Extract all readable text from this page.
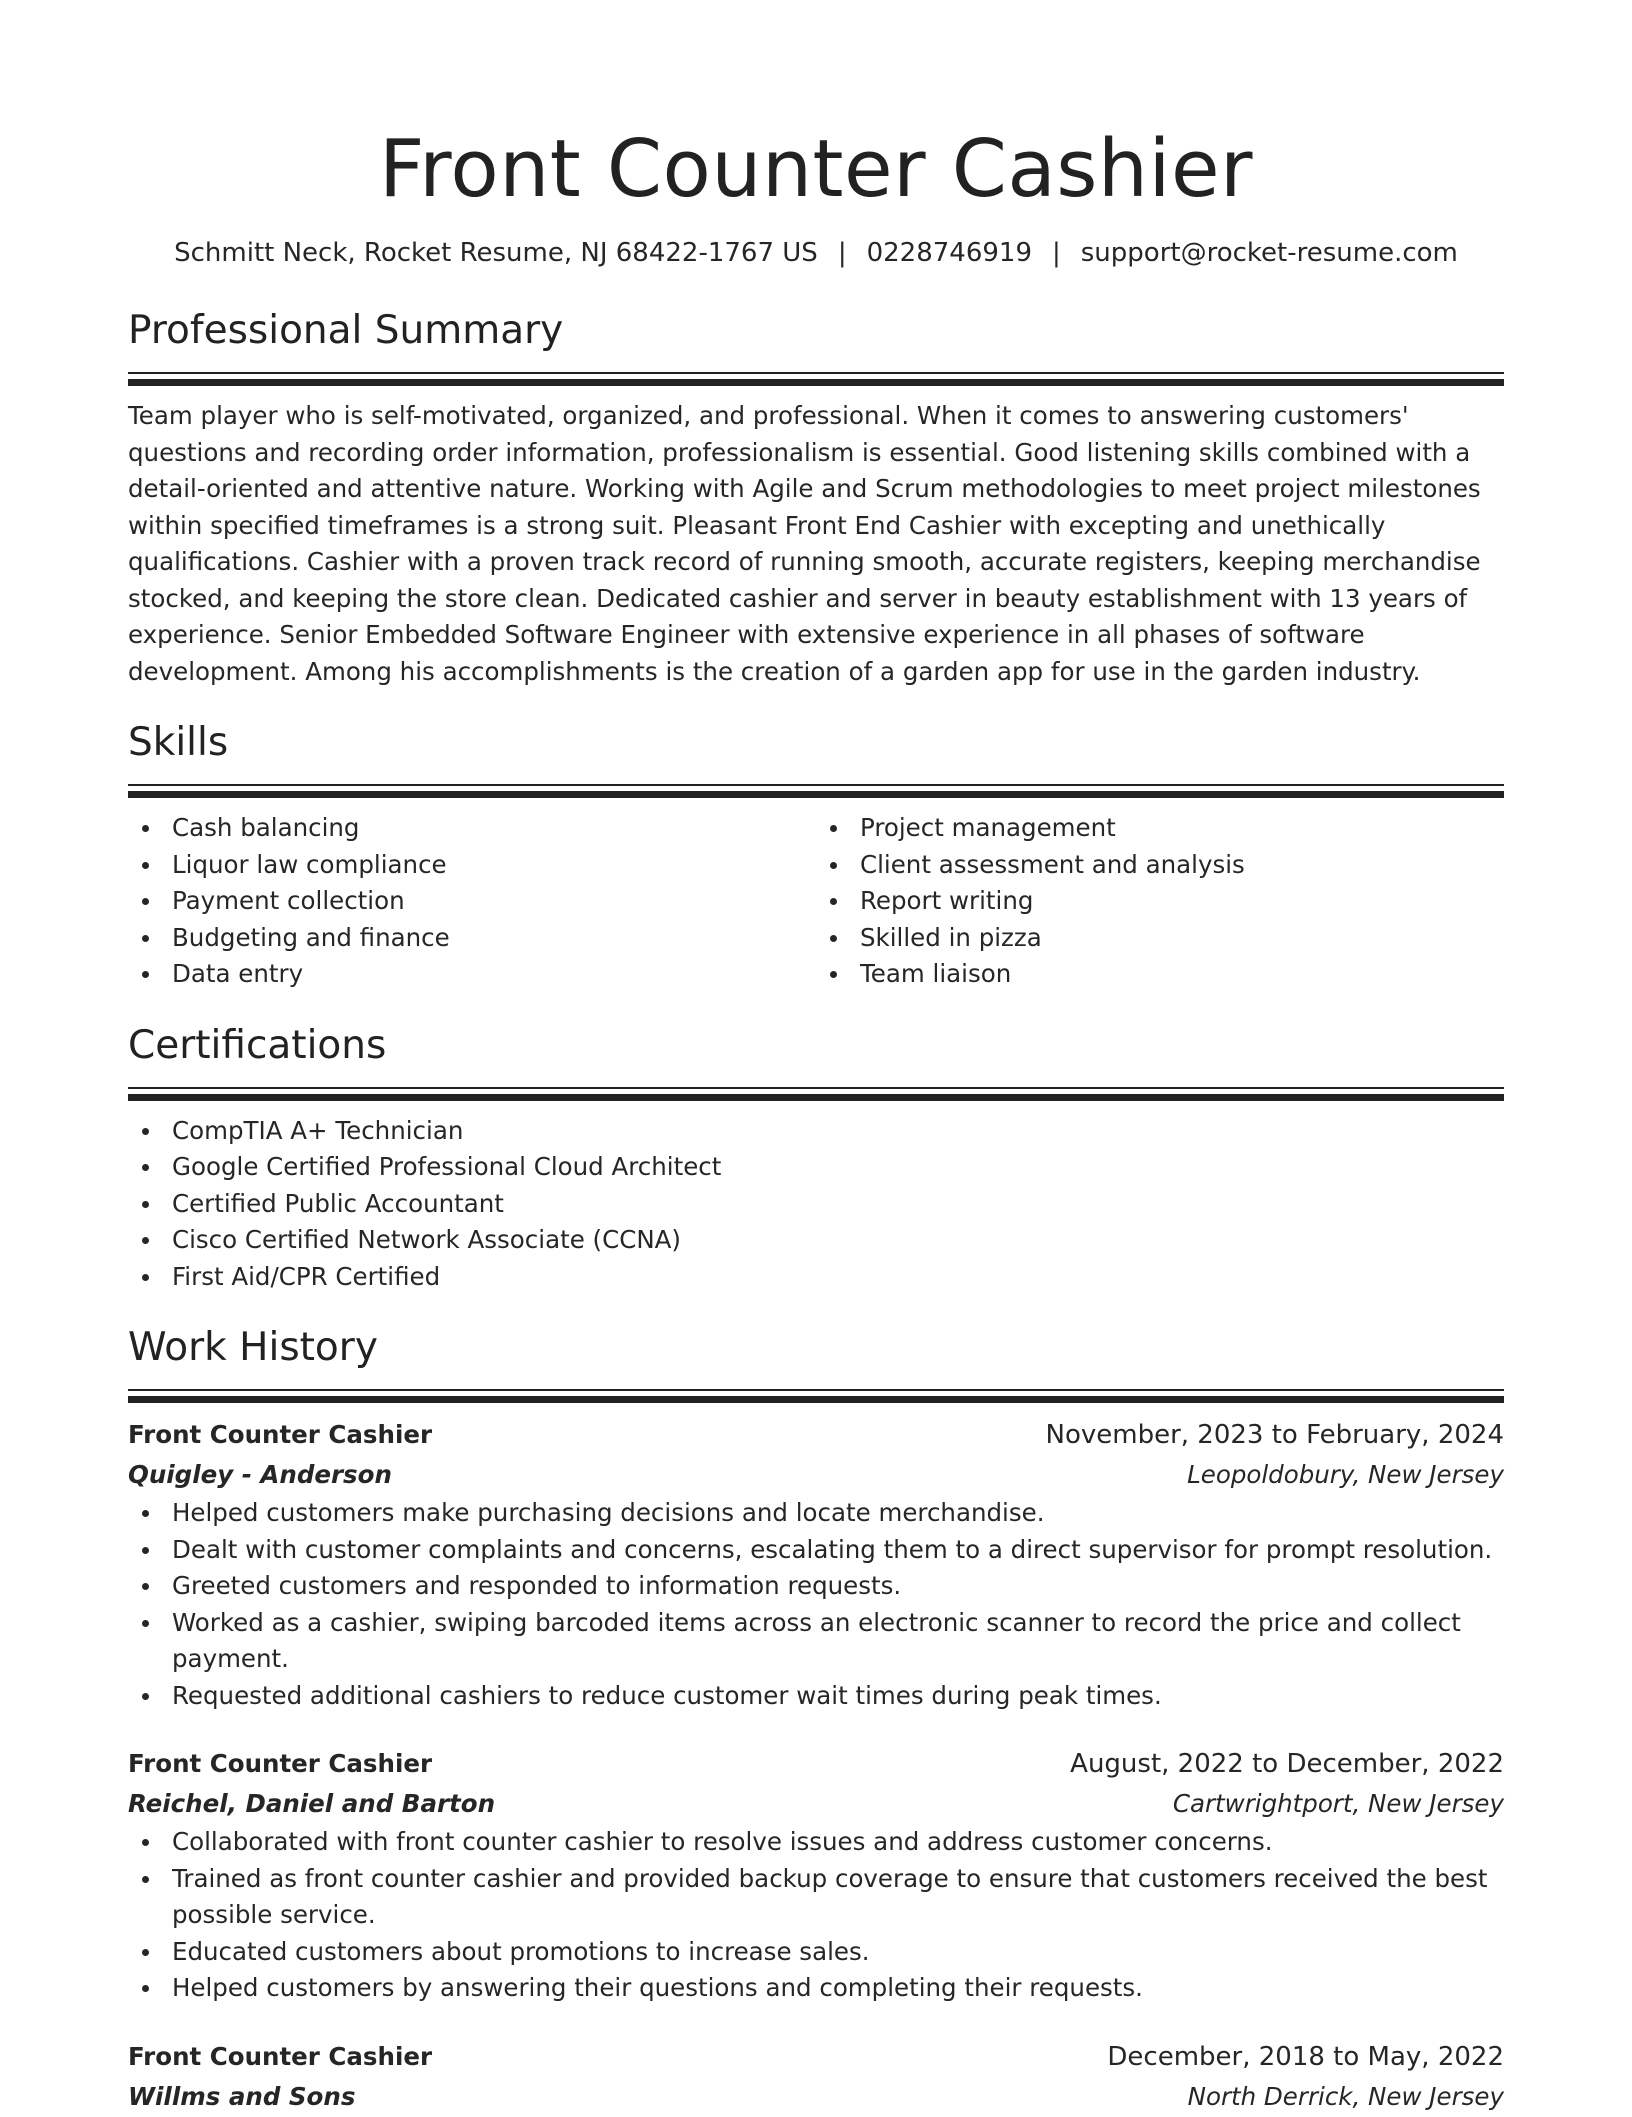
Front Counter Cashier
Schmitt Neck, Rocket Resume, NJ 68422-1767 US | 0228746919 | support@rocket-resume.com
Professional Summary
Team player who is self-motivated, organized, and professional. When it comes to answering customers' questions and recording order information, professionalism is essential. Good listening skills combined with a detail-oriented and attentive nature. Working with Agile and Scrum methodologies to meet project milestones within specified timeframes is a strong suit. Pleasant Front End Cashier with excepting and unethically qualifications. Cashier with a proven track record of running smooth, accurate registers, keeping merchandise stocked, and keeping the store clean. Dedicated cashier and server in beauty establishment with 13 years of experience. Senior Embedded Software Engineer with extensive experience in all phases of software development. Among his accomplishments is the creation of a garden app for use in the garden industry.
Skills
Cash balancing
Liquor law compliance
Payment collection
Budgeting and finance
Data entry
Project management
Client assessment and analysis
Report writing
Skilled in pizza
Team liaison
Certifications
CompTIA A+ Technician
Google Certified Professional Cloud Architect
Certified Public Accountant
Cisco Certified Network Associate (CCNA)
First Aid/CPR Certified
Work History
Front Counter Cashier	November, 2023 to February, 2024
Quigley - Anderson	Leopoldobury, New Jersey
Helped customers make purchasing decisions and locate merchandise.
Dealt with customer complaints and concerns, escalating them to a direct supervisor for prompt resolution.
Greeted customers and responded to information requests.
Worked as a cashier, swiping barcoded items across an electronic scanner to record the price and collect payment.
Requested additional cashiers to reduce customer wait times during peak times.
Front Counter Cashier	August, 2022 to December, 2022
Reichel, Daniel and Barton	Cartwrightport, New Jersey
Collaborated with front counter cashier to resolve issues and address customer concerns.
Trained as front counter cashier and provided backup coverage to ensure that customers received the best possible service.
Educated customers about promotions to increase sales.
Helped customers by answering their questions and completing their requests.
Front Counter Cashier	December, 2018 to May, 2022
Willms and Sons	North Derrick, New Jersey
